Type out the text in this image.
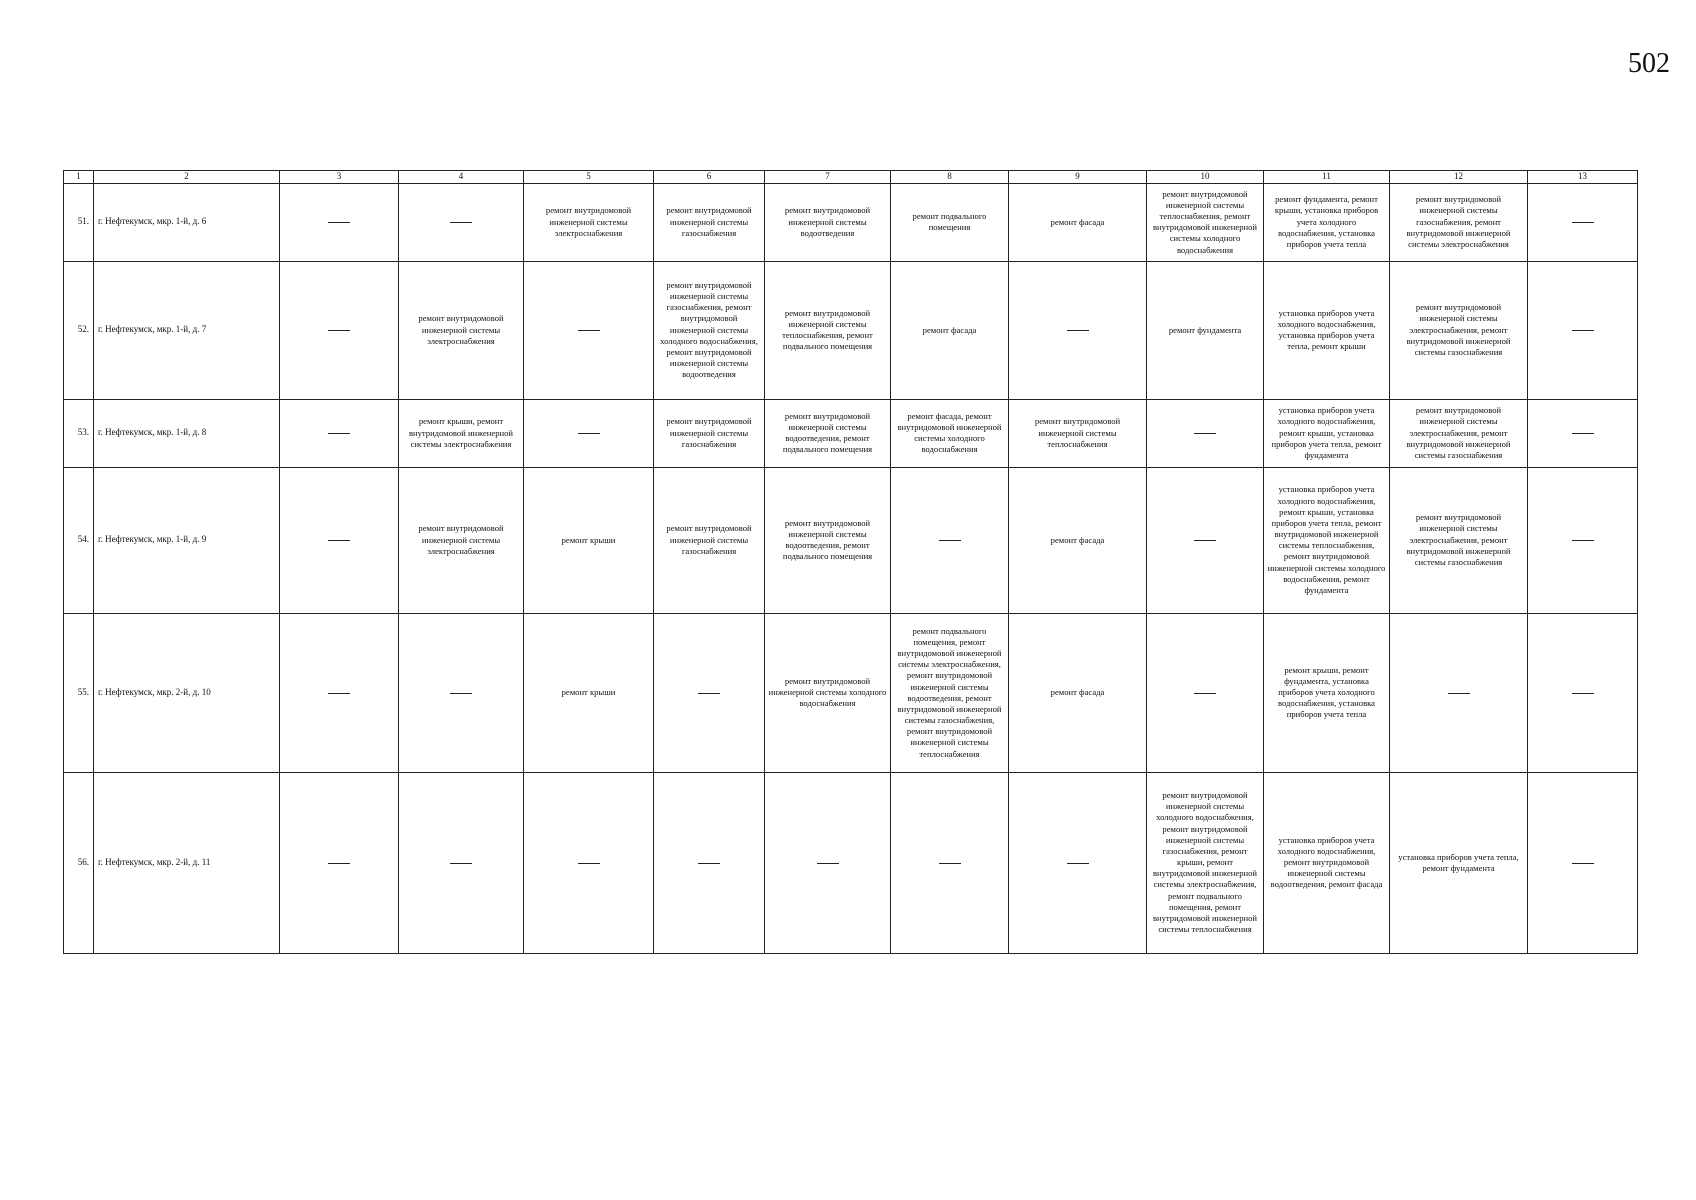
502
1	2	3	4	5	6	7	8	9	10	11	12	13
51.	г. Нефтекумск, мкр. 1-й, д. 6			ремонт внутридомовой инженерной системы электроснабжения	ремонт внутридомовой инженерной системы газоснабжения	ремонт внутридомовой инженерной системы водоотведения	ремонт подвального помещения	ремонт фасада	ремонт внутридомовой инженерной системы теплоснабжения, ремонт внутридомовой инженерной системы холодного водоснабжения	ремонт фундамента, ремонт крыши, установка приборов учета холодного водоснабжения, установка приборов учета тепла	ремонт внутридомовой инженерной системы газоснабжения, ремонт внутридомовой инженерной системы электроснабжения	
52.	г. Нефтекумск, мкр. 1-й, д. 7		ремонт внутридомовой инженерной системы электроснабжения		ремонт внутридомовой инженерной системы газоснабжения, ремонт внутридомовой инженерной системы холодного водоснабжения, ремонт внутридомовой инженерной системы водоотведения	ремонт внутридомовой инженерной системы теплоснабжения, ремонт подвального помещения	ремонт фасада		ремонт фундамента	установка приборов учета холодного водоснабжения, установка приборов учета тепла, ремонт крыши	ремонт внутридомовой инженерной системы электроснабжения, ремонт внутридомовой инженерной системы газоснабжения	
53.	г. Нефтекумск, мкр. 1-й, д. 8		ремонт крыши, ремонт внутридомовой инженерной системы электроснабжения		ремонт внутридомовой инженерной системы газоснабжения	ремонт внутридомовой инженерной системы водоотведения, ремонт подвального помещения	ремонт фасада, ремонт внутридомовой инженерной системы холодного водоснабжения	ремонт внутридомовой инженерной системы теплоснабжения		установка приборов учета холодного водоснабжения, ремонт крыши, установка приборов учета тепла, ремонт фундамента	ремонт внутридомовой инженерной системы электроснабжения, ремонт внутридомовой инженерной системы газоснабжения	
54.	г. Нефтекумск, мкр. 1-й, д. 9		ремонт внутридомовой инженерной системы электроснабжения	ремонт крыши	ремонт внутридомовой инженерной системы газоснабжения	ремонт внутридомовой инженерной системы водоотведения, ремонт подвального помещения		ремонт фасада		установка приборов учета холодного водоснабжения, ремонт крыши, установка приборов учета тепла, ремонт внутридомовой инженерной системы теплоснабжения, ремонт внутридомовой инженерной системы холодного водоснабжения, ремонт фундамента	ремонт внутридомовой инженерной системы электроснабжения, ремонт внутридомовой инженерной системы газоснабжения	
55.	г. Нефтекумск, мкр. 2-й, д. 10			ремонт крыши		ремонт внутридомовой инженерной системы холодного водоснабжения	ремонт подвального помещения, ремонт внутридомовой инженерной системы электроснабжения, ремонт внутридомовой инженерной системы водоотведения, ремонт внутридомовой инженерной системы газоснабжения, ремонт внутридомовой инженерной системы теплоснабжения	ремонт фасада		ремонт крыши, ремонт фундамента, установка приборов учета холодного водоснабжения, установка приборов учета тепла		
56.	г. Нефтекумск, мкр. 2-й, д. 11								ремонт внутридомовой инженерной системы холодного водоснабжения, ремонт внутридомовой инженерной системы газоснабжения, ремонт крыши, ремонт внутридомовой инженерной системы электроснабжения, ремонт подвального помещения, ремонт внутридомовой инженерной системы теплоснабжения	установка приборов учета холодного водоснабжения, ремонт внутридомовой инженерной системы водоотведения, ремонт фасада	установка приборов учета тепла, ремонт фундамента	
